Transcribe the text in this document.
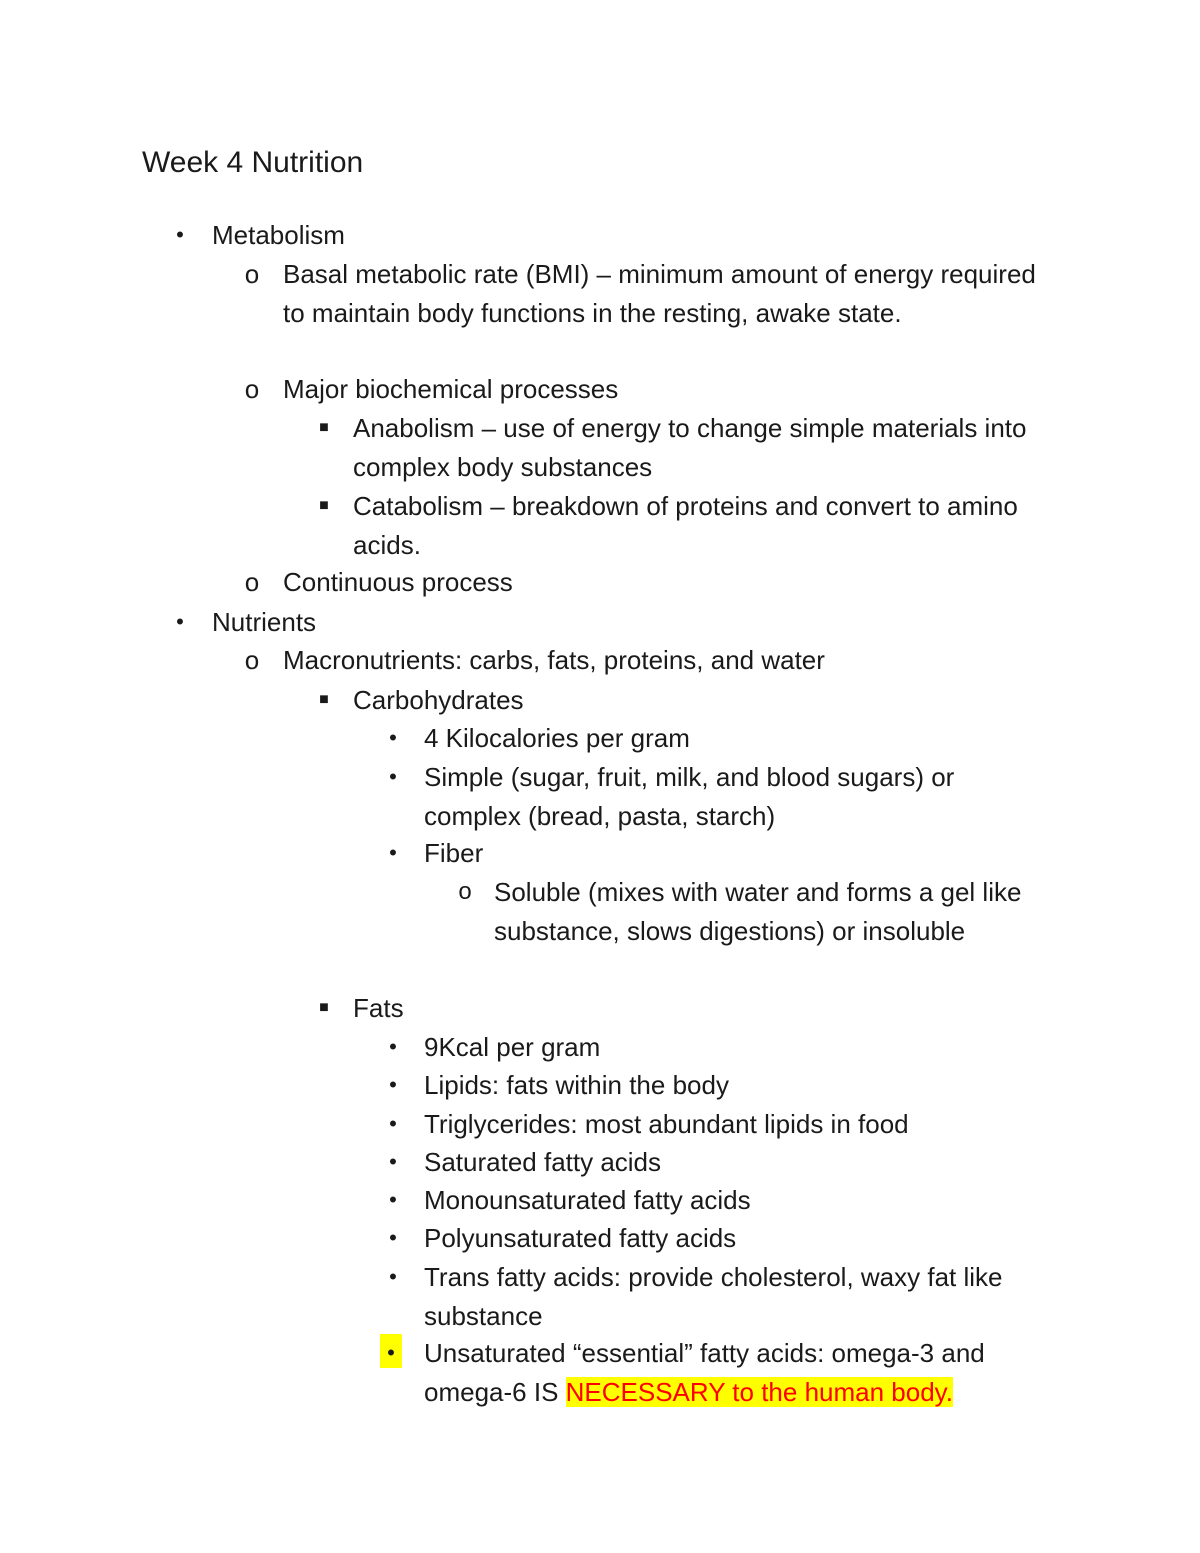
Week 4 Nutrition
• Metabolism
o Basal metabolic rate (BMI) – minimum amount of energy required to maintain body functions in the resting, awake state.
o Major biochemical processes
■ Anabolism – use of energy to change simple materials into complex body substances
■ Catabolism – breakdown of proteins and convert to amino acids.
o Continuous process
• Nutrients
o Macronutrients: carbs, fats, proteins, and water
■ Carbohydrates
• 4 Kilocalories per gram
• Simple (sugar, fruit, milk, and blood sugars) or complex (bread, pasta, starch)
• Fiber
o Soluble (mixes with water and forms a gel like substance, slows digestions) or insoluble
■ Fats
• 9Kcal per gram
• Lipids: fats within the body
• Triglycerides: most abundant lipids in food
• Saturated fatty acids
• Monounsaturated fatty acids
• Polyunsaturated fatty acids
• Trans fatty acids: provide cholesterol, waxy fat like substance
• Unsaturated “essential” fatty acids: omega-3 and omega-6 IS NECESSARY to the human body.
